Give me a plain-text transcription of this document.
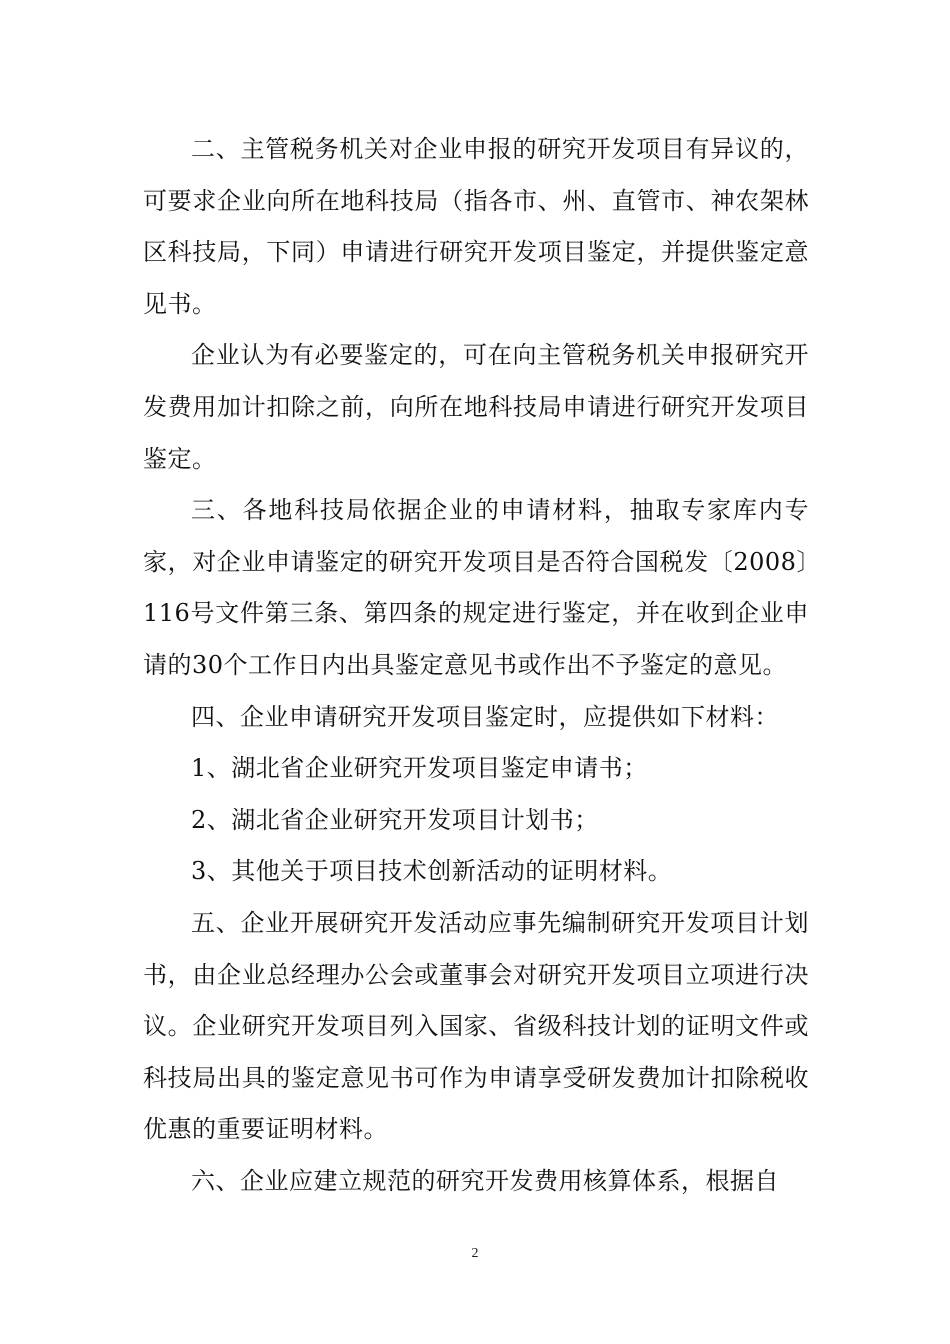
二、主管税务机关对企业申报的研究开发项目有异议的，可要求企业向所在地科技局（指各市、州、直管市、神农架林区科技局，下同）申请进行研究开发项目鉴定，并提供鉴定意见书。

企业认为有必要鉴定的，可在向主管税务机关申报研究开发费用加计扣除之前，向所在地科技局申请进行研究开发项目鉴定。

三、各地科技局依据企业的申请材料，抽取专家库内专家，对企业申请鉴定的研究开发项目是否符合国税发〔2008〕116号文件第三条、第四条的规定进行鉴定，并在收到企业申请的30个工作日内出具鉴定意见书或作出不予鉴定的意见。

四、企业申请研究开发项目鉴定时，应提供如下材料：

1、湖北省企业研究开发项目鉴定申请书；

2、湖北省企业研究开发项目计划书；

3、其他关于项目技术创新活动的证明材料。

五、企业开展研究开发活动应事先编制研究开发项目计划书，由企业总经理办公会或董事会对研究开发项目立项进行决议。企业研究开发项目列入国家、省级科技计划的证明文件或科技局出具的鉴定意见书可作为申请享受研发费加计扣除税收优惠的重要证明材料。

六、企业应建立规范的研究开发费用核算体系，根据自

2
